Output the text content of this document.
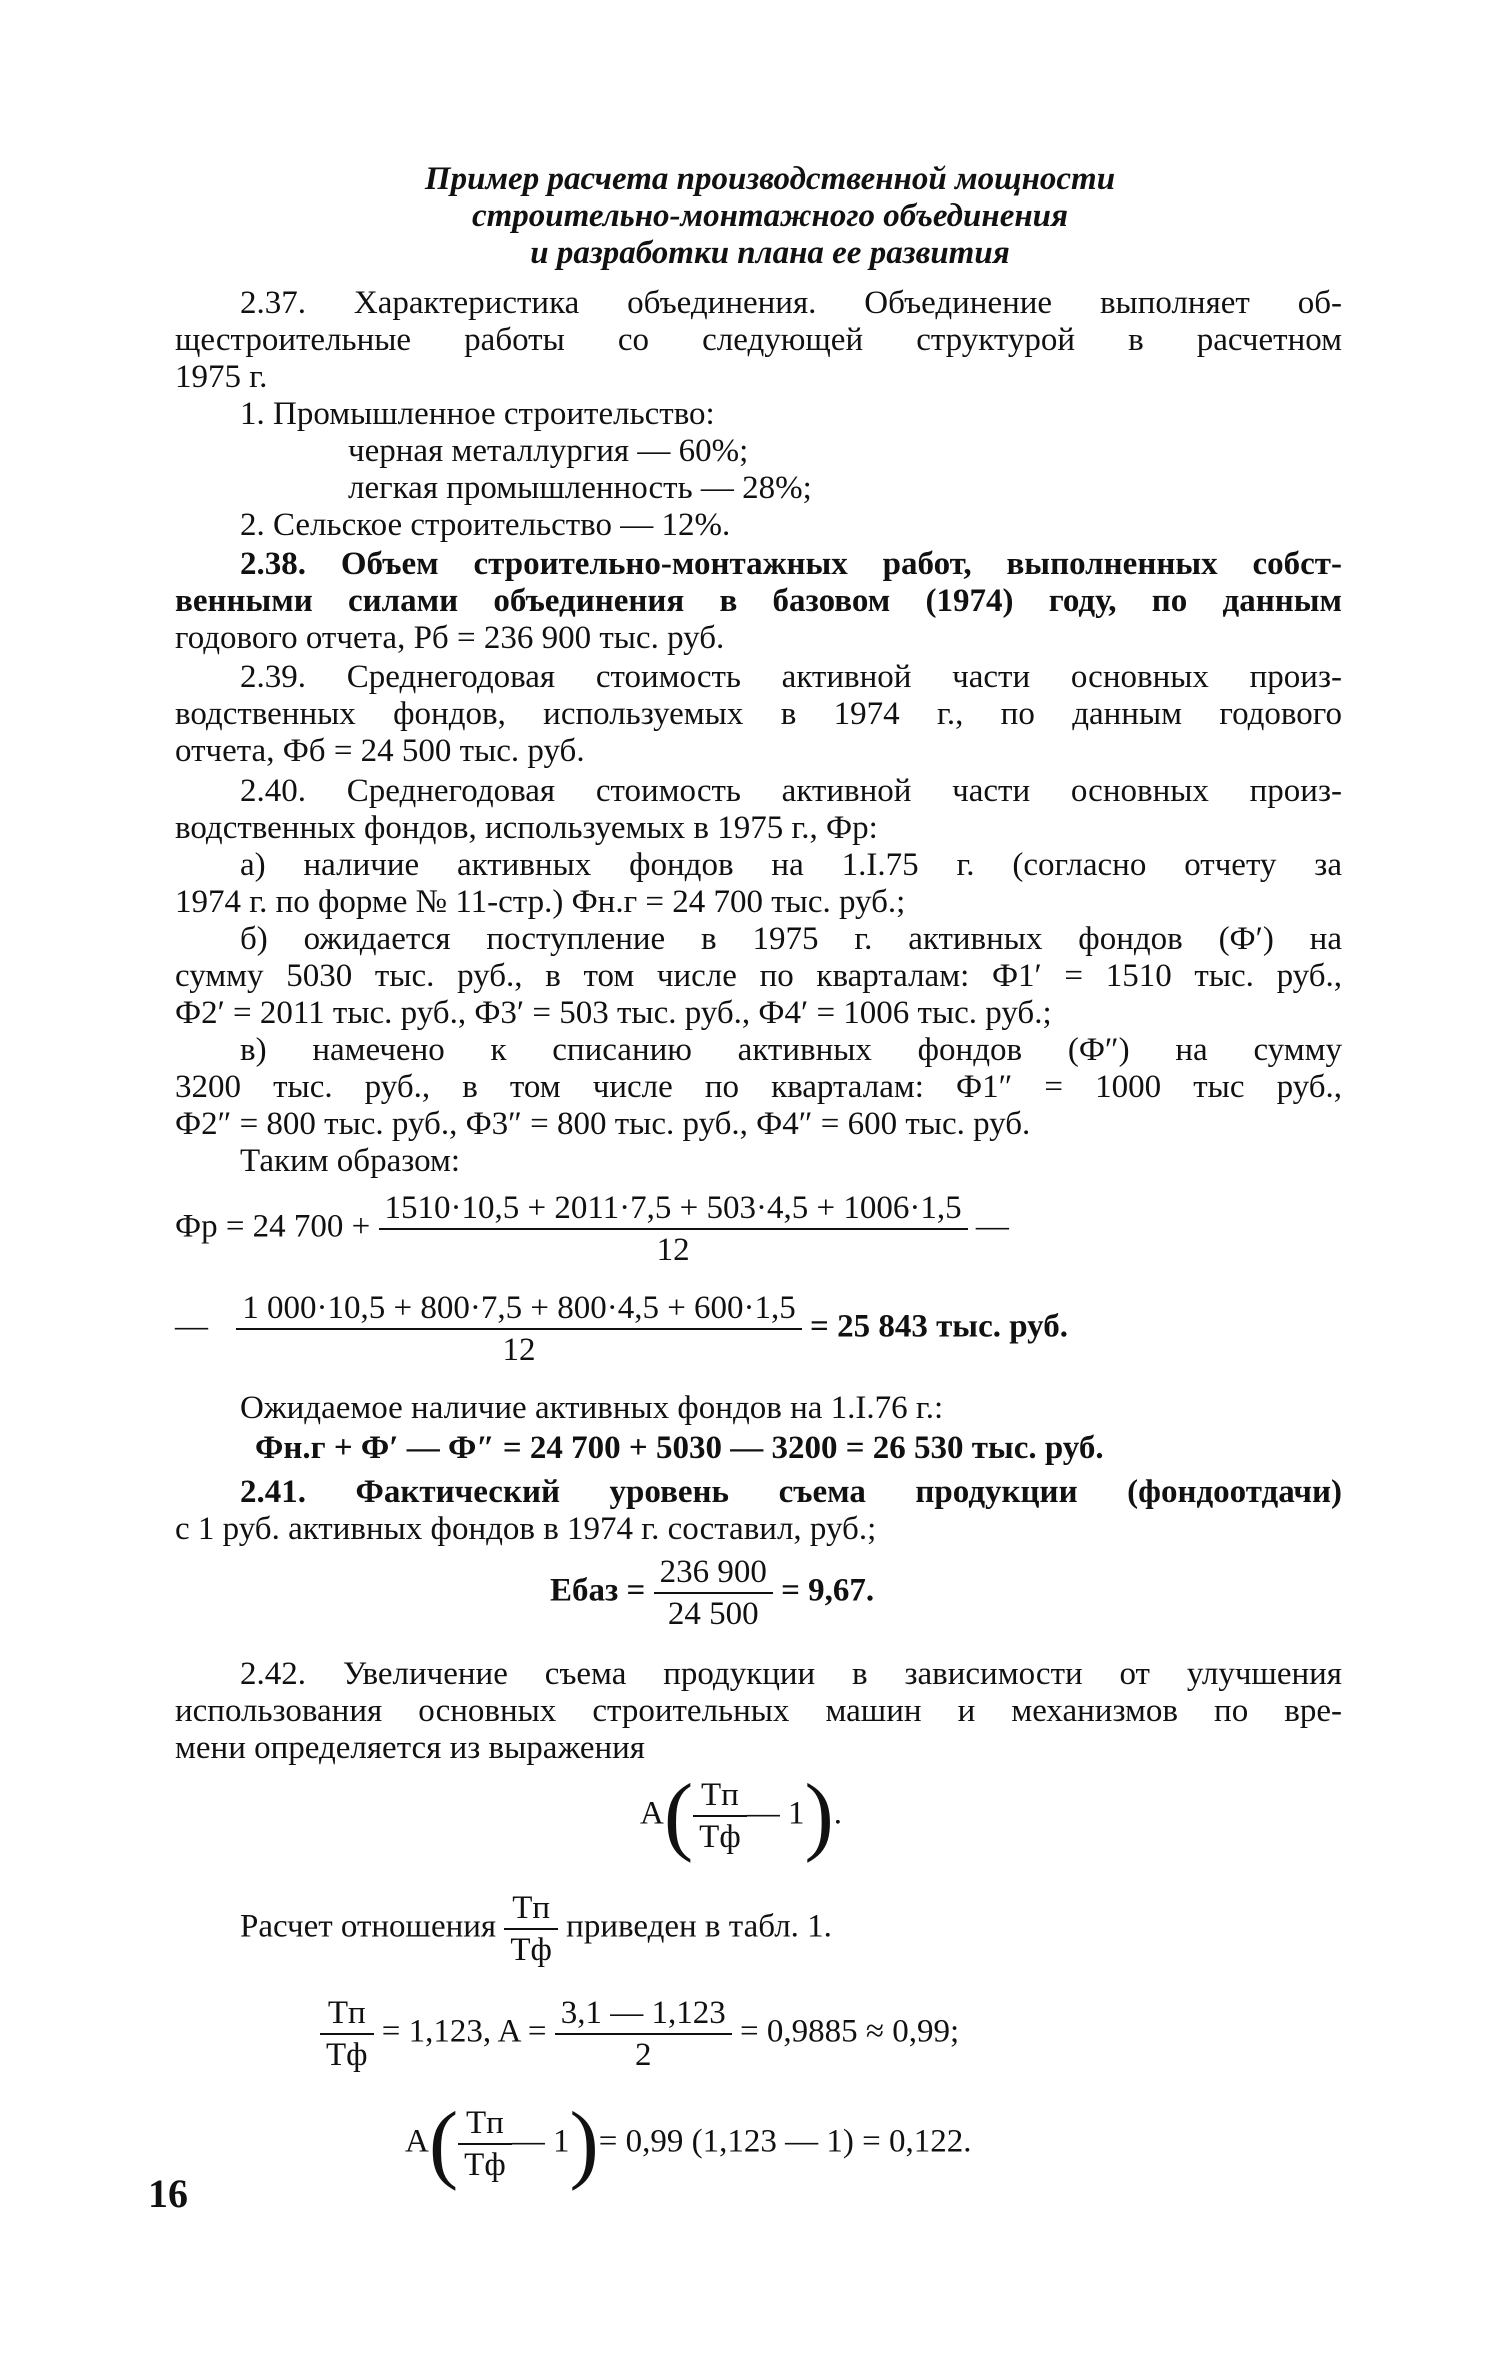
Пример расчета производственной мощности
строительно-монтажного объединения
и разработки плана ее развития
2.37. Характеристика объединения. Объединение выполняет об-
щестроительные работы со следующей структурой в расчетном
1975 г.
1. Промышленное строительство:
черная металлургия — 60%;
легкая промышленность — 28%;
2. Сельское строительство — 12%.
2.38. Объем строительно-монтажных работ, выполненных собст-
венными силами объединения в базовом (1974) году, по данным
годового отчета, Pб = 236 900 тыс. руб.
2.39. Среднегодовая стоимость активной части основных произ-
водственных фондов, используемых в 1974 г., по данным годового
отчета, Фб = 24 500 тыс. руб.
2.40. Среднегодовая стоимость активной части основных произ-
водственных фондов, используемых в 1975 г., Фр:
а) наличие активных фондов на 1.I.75 г. (согласно отчету за
1974 г. по форме № 11-стр.) Фн.г = 24 700 тыс. руб.;
б) ожидается поступление в 1975 г. активных фондов (Ф′) на
сумму 5030 тыс. руб., в том числе по кварталам: Ф1′ = 1510 тыс. руб.,
Ф2′ = 2011 тыс. руб., Ф3′ = 503 тыс. руб., Ф4′ = 1006 тыс. руб.;
в) намечено к списанию активных фондов (Ф″) на сумму
3200 тыс. руб., в том числе по кварталам: Ф1″ = 1000 тыс руб.,
Ф2″ = 800 тыс. руб., Ф3″ = 800 тыс. руб., Ф4″ = 600 тыс. руб.
Таким образом:
Фр = 24 $700 + \frac{1510\cdot 10,5 + 2011\cdot 7,5 + 503\cdot 4,5 + 1006\cdot 1,5}{12}$ —
— $\frac{1 000\cdot 10,5 + 800\cdot 7,5 + 800\cdot 4,5 + 600\cdot 1,5}{12} = 25$ 843 тыс. руб.
Ожидаемое наличие активных фондов на 1.I.76 г.:
Фн.г + Ф′ — Ф″ = 24 700 + 5030 — 3200 = 26 530 тыс. руб.
2.41. Фактический уровень съема продукции (фондоотдачи)
с 1 руб. активных фондов в 1974 г. составил, руб.;
Eбаз = $\frac{236 900}{24 500} = 9,67$.
2.42. Увеличение съема продукции в зависимости от улучшения
использования основных строительных машин и механизмов по вре-
мени определяется из выражения
$A( \frac{Tп}{Tф}$ — 1).
Расчет отношения $\frac{Tп}{Tф}$ приведен в табл. 1.
$\frac{Tп}{Tф} = 1,123$, $A = \frac{3,1 — 1,123}{2} = 0,9885 \approx 0,99$;
$A( \frac{Tп}{Tф}$ — 1)= 0,99 (1,123 — 1) = 0,122.
16
